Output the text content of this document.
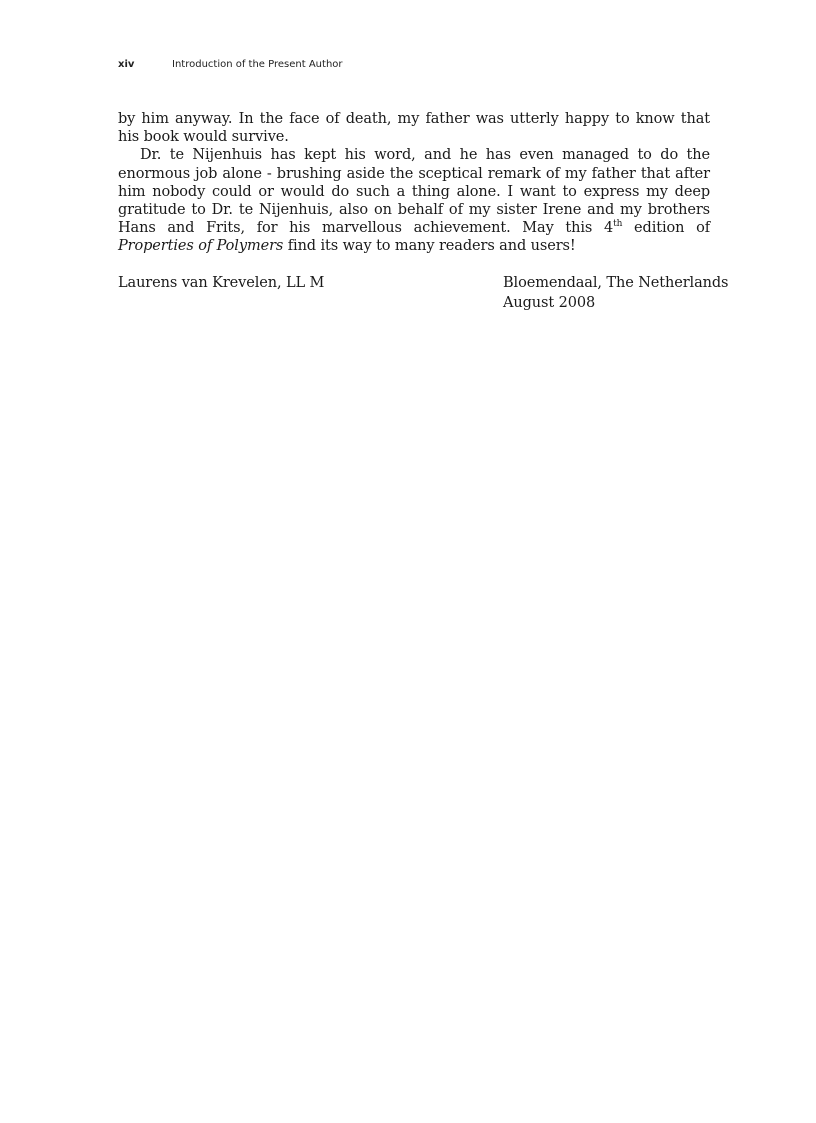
xiv	Introduction of the Present Author

by him anyway. In the face of death, my father was utterly happy to know that his book would survive.

Dr. te Nijenhuis has kept his word, and he has even managed to do the enormous job alone - brushing aside the sceptical remark of my father that after him nobody could or would do such a thing alone. I want to express my deep gratitude to Dr. te Nijenhuis, also on behalf of my sister Irene and my brothers Hans and Frits, for his marvellous achievement. May this 4th edition of Properties of Polymers find its way to many readers and users!

Laurens van Krevelen, LL M	Bloemendaal, The Netherlands
August 2008
